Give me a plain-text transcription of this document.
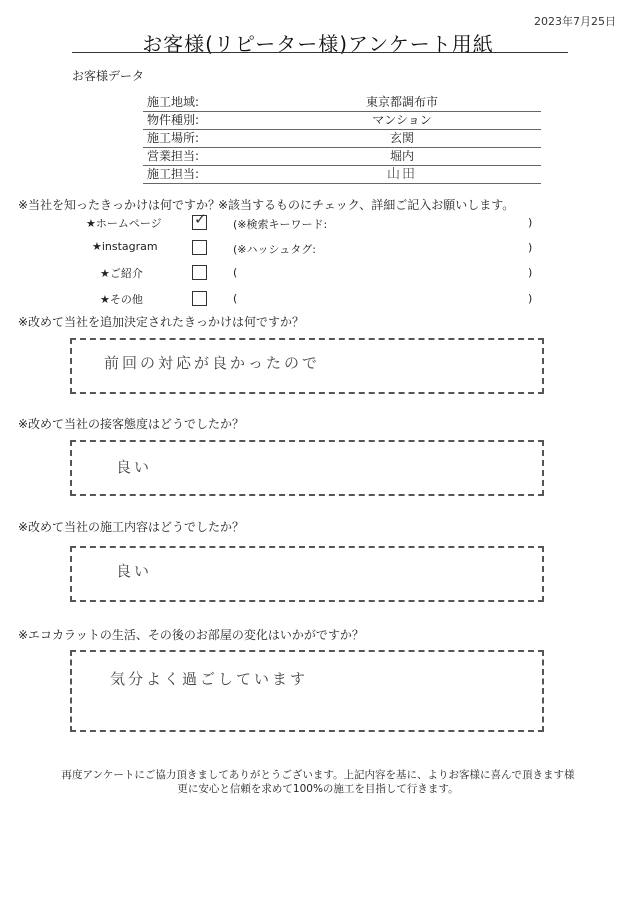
2023年7月25日
お客様(リピーター様)アンケート用紙
お客様データ
施工地域:	東京都調布市
物件種別:	マンション
施工場所:	玄関
営業担当:	堀内
施工担当:	山田
※当社を知ったきっかけは何ですか？
※該当するものにチェック、詳細ご記入お願いします。
★ホームページ ✓ (※検索キーワード:	)
★instagram	(※ハッシュタグ:	)
★ご紹介	(	)
★その他	(	)
※改めて当社を追加決定されたきっかけは何ですか？
前回の対応が良かったので
※改めて当社の接客態度はどうでしたか？
良い
※改めて当社の施工内容はどうでしたか？
良い
※エコカラットの生活、その後のお部屋の変化はいかがですか？
気分よく過ごしています
再度アンケートにご協力頂きましてありがとうございます。上記内容を基に、よりお客様に喜んで頂きます様
更に安心と信頼を求めて100%の施工を目指して行きます。
